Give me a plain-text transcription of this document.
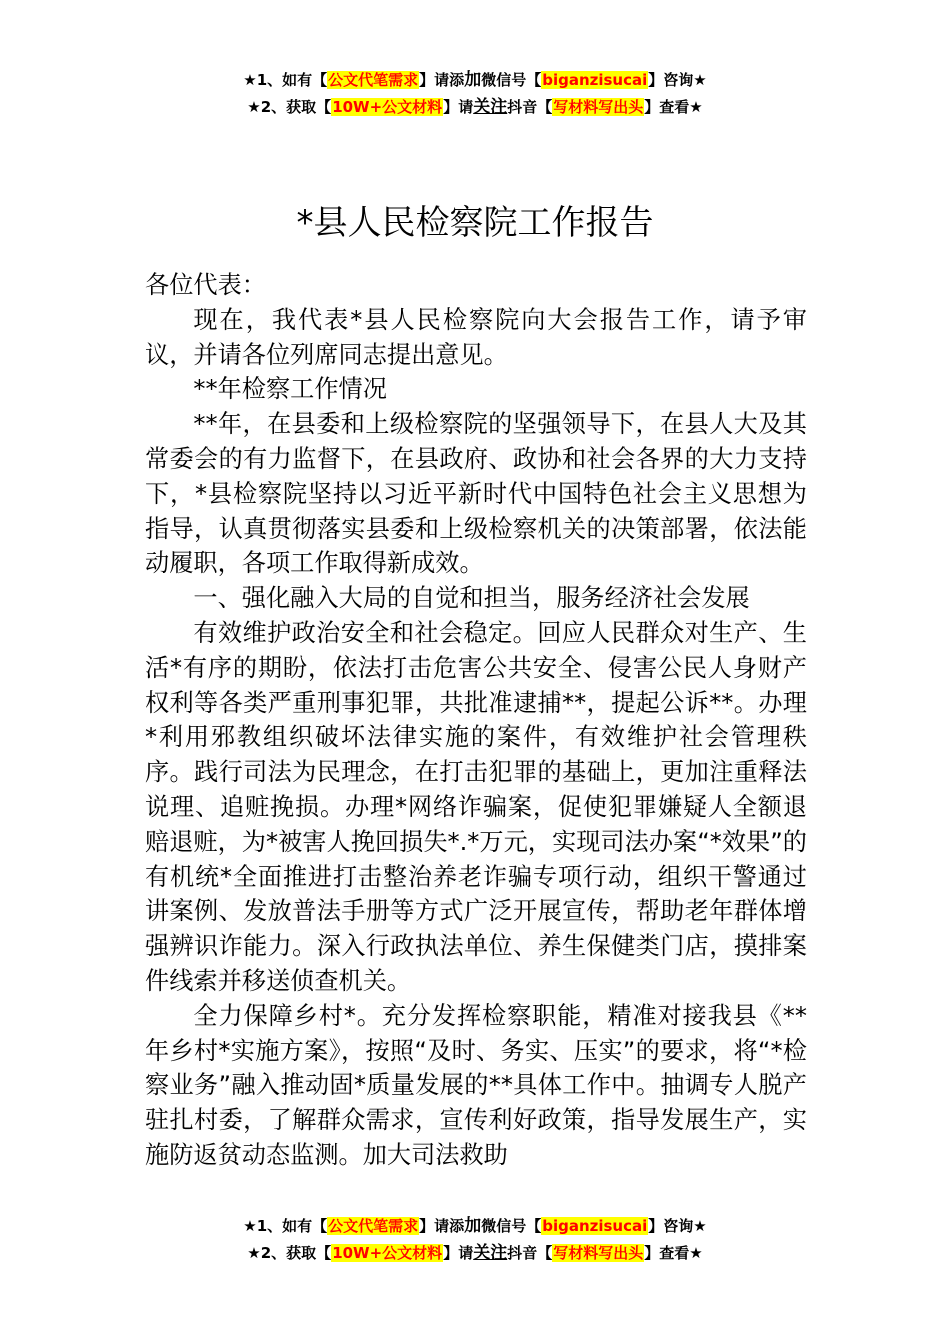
★1、如有【公文代笔需求】请添加微信号【biganzisucai】咨询★
★2、获取【10W+公文材料】请关注抖音【写材料写出头】查看★
*县人民检察院工作报告

各位代表：

现在，我代表*县人民检察院向大会报告工作，请予审议，并请各位列席同志提出意见。

**年检察工作情况

**年，在县委和上级检察院的坚强领导下，在县人大及其常委会的有力监督下，在县政府、政协和社会各界的大力支持下，*县检察院坚持以习近平新时代中国特色社会主义思想为指导，认真贯彻落实县委和上级检察机关的决策部署，依法能动履职，各项工作取得新成效。

一、强化融入大局的自觉和担当，服务经济社会发展

有效维护政治安全和社会稳定。回应人民群众对生产、生活*有序的期盼，依法打击危害公共安全、侵害公民人身财产权利等各类严重刑事犯罪，共批准逮捕**，提起公诉**。办理*利用邪教组织破坏法律实施的案件，有效维护社会管理秩序。践行司法为民理念，在打击犯罪的基础上，更加注重释法说理、追赃挽损。办理*网络诈骗案，促使犯罪嫌疑人全额退赔退赃，为*被害人挽回损失*.*万元，实现司法办案“*效果”的有机统*全面推进打击整治养老诈骗专项行动，组织干警通过讲案例、发放普法手册等方式广泛开展宣传，帮助老年群体增强辨识诈能力。深入行政执法单位、养生保健类门店，摸排案件线索并移送侦查机关。

全力保障乡村*。充分发挥检察职能，精准对接我县《**年乡村*实施方案》，按照“及时、务实、压实”的要求，将“*检察业务”融入推动固*质量发展的**具体工作中。抽调专人脱产驻扎村委，了解群众需求，宣传利好政策，指导发展生产，实施防返贫动态监测。加大司法救助

★1、如有【公文代笔需求】请添加微信号【biganzisucai】咨询★
★2、获取【10W+公文材料】请关注抖音【写材料写出头】查看★
